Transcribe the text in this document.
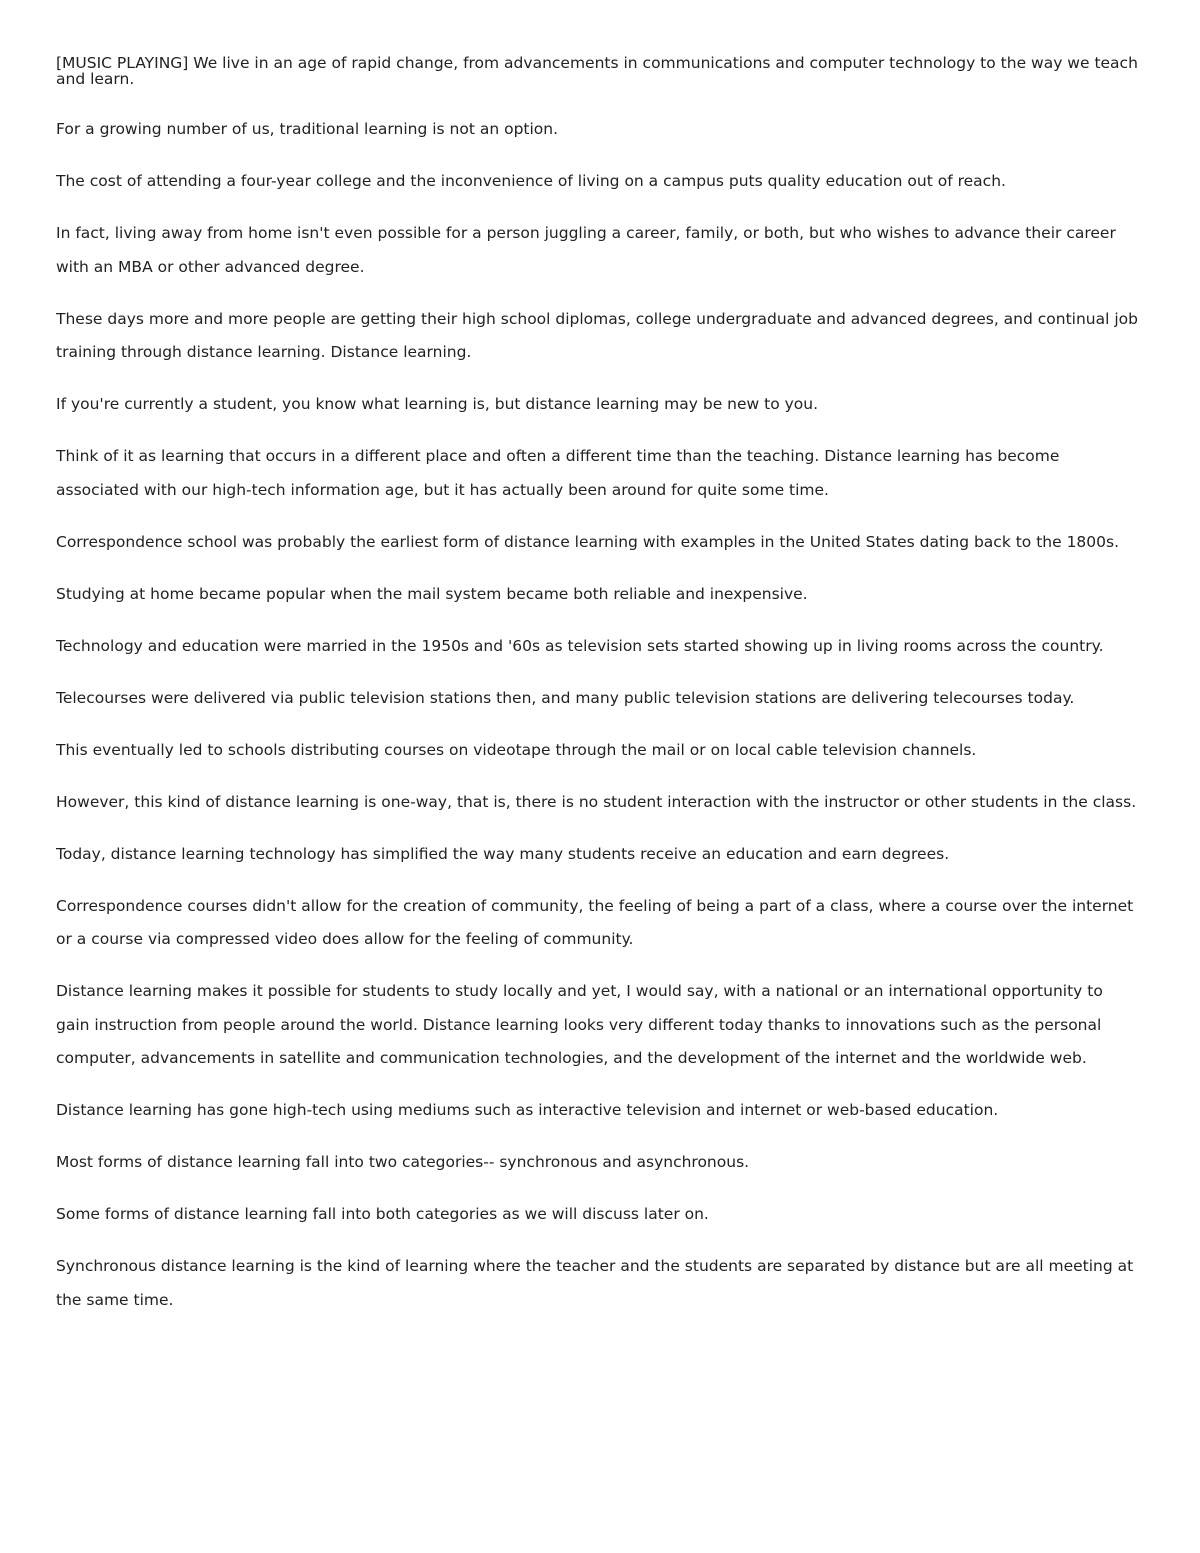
[MUSIC PLAYING] We live in an age of rapid change, from advancements in communications and computer technology to the way we teach and learn.

For a growing number of us, traditional learning is not an option.

The cost of attending a four-year college and the inconvenience of living on a campus puts quality education out of reach.

In fact, living away from home isn't even possible for a person juggling a career, family, or both, but who wishes to advance their career with an MBA or other advanced degree.

These days more and more people are getting their high school diplomas, college undergraduate and advanced degrees, and continual job training through distance learning. Distance learning.

If you're currently a student, you know what learning is, but distance learning may be new to you.

Think of it as learning that occurs in a different place and often a different time than the teaching. Distance learning has become associated with our high-tech information age, but it has actually been around for quite some time.

Correspondence school was probably the earliest form of distance learning with examples in the United States dating back to the 1800s.

Studying at home became popular when the mail system became both reliable and inexpensive.

Technology and education were married in the 1950s and '60s as television sets started showing up in living rooms across the country.

Telecourses were delivered via public television stations then, and many public television stations are delivering telecourses today.

This eventually led to schools distributing courses on videotape through the mail or on local cable television channels.

However, this kind of distance learning is one-way, that is, there is no student interaction with the instructor or other students in the class.

Today, distance learning technology has simplified the way many students receive an education and earn degrees.

Correspondence courses didn't allow for the creation of community, the feeling of being a part of a class, where a course over the internet or a course via compressed video does allow for the feeling of community.

Distance learning makes it possible for students to study locally and yet, I would say, with a national or an international opportunity to gain instruction from people around the world. Distance learning looks very different today thanks to innovations such as the personal computer, advancements in satellite and communication technologies, and the development of the internet and the worldwide web.

Distance learning has gone high-tech using mediums such as interactive television and internet or web-based education.

Most forms of distance learning fall into two categories-- synchronous and asynchronous.

Some forms of distance learning fall into both categories as we will discuss later on.

Synchronous distance learning is the kind of learning where the teacher and the students are separated by distance but are all meeting at the same time.
